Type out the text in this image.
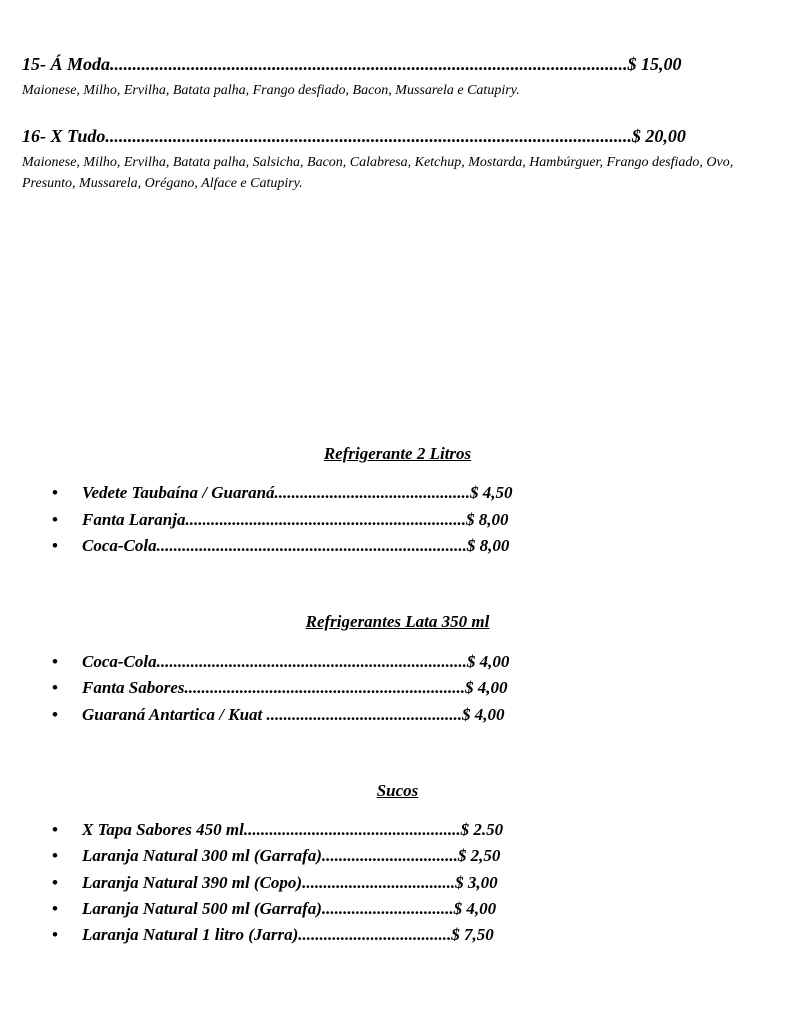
15- Á Moda...................................................................................................................$ 15,00
Maionese, Milho, Ervilha, Batata palha, Frango desfiado, Bacon, Mussarela e Catupiry.
16- X Tudo.....................................................................................................................$ 20,00
Maionese, Milho, Ervilha, Batata palha, Salsicha, Bacon, Calabresa, Ketchup, Mostarda, Hambúrguer, Frango desfiado, Ovo, Presunto, Mussarela, Orégano, Alface e Catupiry.
Refrigerante 2 Litros
• Vedete Taubaína / Guaraná..............................................$ 4,50
• Fanta Laranja..................................................................$ 8,00
• Coca-Cola.........................................................................$ 8,00
Refrigerantes Lata 350 ml
• Coca-Cola.........................................................................$ 4,00
• Fanta Sabores..................................................................$ 4,00
• Guaraná Antartica / Kuat ..............................................$ 4,00
Sucos
• X Tapa Sabores 450 ml...................................................$ 2.50
• Laranja Natural 300 ml (Garrafa)................................$ 2,50
• Laranja Natural 390 ml (Copo)....................................$ 3,00
• Laranja Natural 500 ml (Garrafa)...............................$ 4,00
• Laranja Natural 1 litro (Jarra)....................................$ 7,50
